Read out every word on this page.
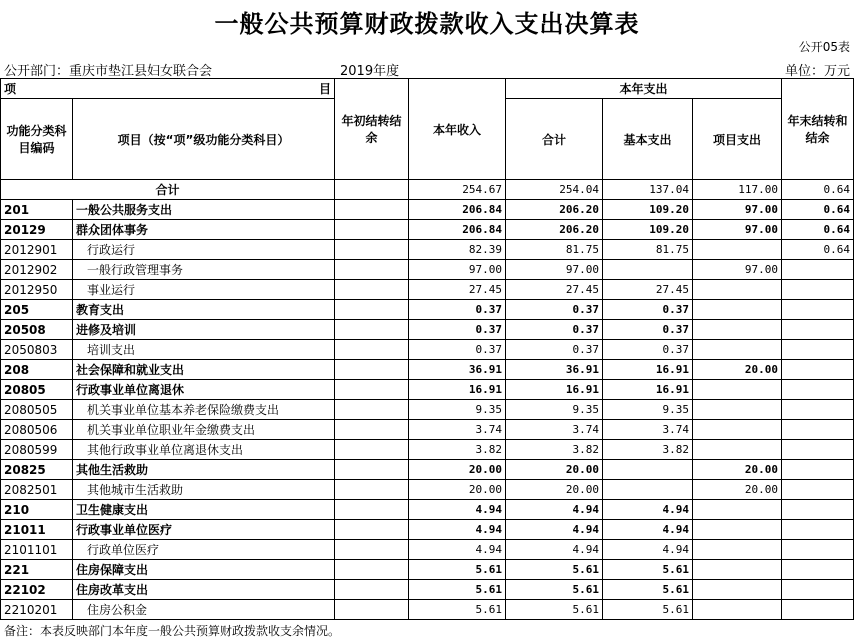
一般公共预算财政拨款收入支出决算表
公开05表
公开部门：重庆市垫江县妇女联合会	2019年度	单位：万元
项 目		年初结转结余	本年收入	本年支出			年末结转和结余
功能分类科目编码	项目（按“项”级功能分类科目）			合计	基本支出	项目支出	
合计			254.67	254.04	137.04	117.00	0.64
201	一般公共服务支出		206.84	206.20	109.20	97.00	0.64
20129	群众团体事务		206.84	206.20	109.20	97.00	0.64
2012901	行政运行		82.39	81.75	81.75		0.64
2012902	一般行政管理事务		97.00	97.00		97.00	
2012950	事业运行		27.45	27.45	27.45		
205	教育支出		0.37	0.37	0.37		
20508	进修及培训		0.37	0.37	0.37		
2050803	培训支出		0.37	0.37	0.37		
208	社会保障和就业支出		36.91	36.91	16.91	20.00	
20805	行政事业单位离退休		16.91	16.91	16.91		
2080505	机关事业单位基本养老保险缴费支出		9.35	9.35	9.35		
2080506	机关事业单位职业年金缴费支出		3.74	3.74	3.74		
2080599	其他行政事业单位离退休支出		3.82	3.82	3.82		
20825	其他生活救助		20.00	20.00		20.00	
2082501	其他城市生活救助		20.00	20.00		20.00	
210	卫生健康支出		4.94	4.94	4.94		
21011	行政事业单位医疗		4.94	4.94	4.94		
2101101	行政单位医疗		4.94	4.94	4.94		
221	住房保障支出		5.61	5.61	5.61		
22102	住房改革支出		5.61	5.61	5.61		
2210201	住房公积金		5.61	5.61	5.61		
备注：本表反映部门本年度一般公共预算财政拨款收支余情况。
